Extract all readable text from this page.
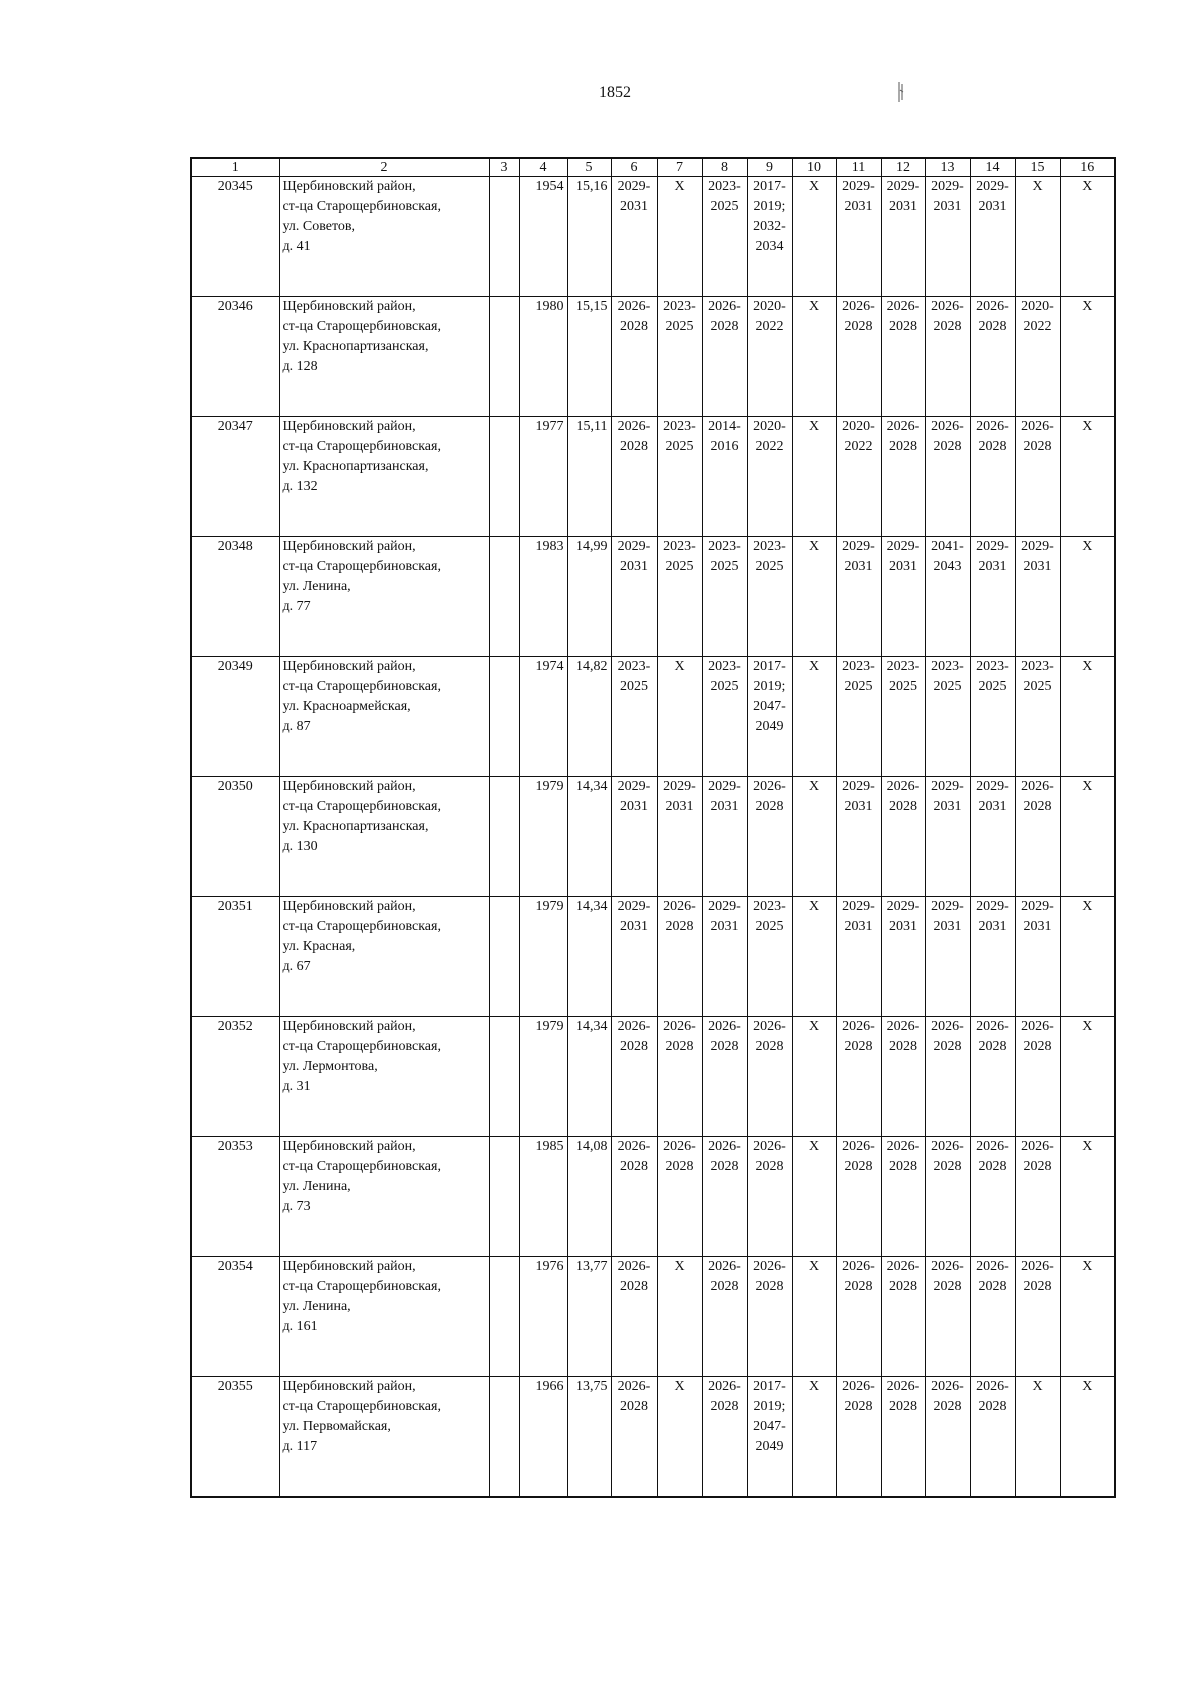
1852
1	2	3	4	5	6	7	8	9	10	11	12	13	14	15	16
20345	Щербиновский район,
ст-ца Старощербиновская,
ул. Советов,
д. 41		1954	15,16	2029-
2031	Х	2023-
2025	2017-
2019;
2032-
2034	Х	2029-
2031	2029-
2031	2029-
2031	2029-
2031	Х	Х

20346	Щербиновский район,
ст-ца Старощербиновская,
ул. Краснопартизанская,
д. 128		1980	15,15	2026-
2028	2023-
2025	2026-
2028	2020-
2022	Х	2026-
2028	2026-
2028	2026-
2028	2026-
2028	2020-
2022	Х

20347	Щербиновский район,
ст-ца Старощербиновская,
ул. Краснопартизанская,
д. 132		1977	15,11	2026-
2028	2023-
2025	2014-
2016	2020-
2022	Х	2020-
2022	2026-
2028	2026-
2028	2026-
2028	2026-
2028	Х

20348	Щербиновский район,
ст-ца Старощербиновская,
ул. Ленина,
д. 77		1983	14,99	2029-
2031	2023-
2025	2023-
2025	2023-
2025	Х	2029-
2031	2029-
2031	2041-
2043	2029-
2031	2029-
2031	Х

20349	Щербиновский район,
ст-ца Старощербиновская,
ул. Красноармейская,
д. 87		1974	14,82	2023-
2025	Х	2023-
2025	2017-
2019;
2047-
2049	Х	2023-
2025	2023-
2025	2023-
2025	2023-
2025	2023-
2025	Х

20350	Щербиновский район,
ст-ца Старощербиновская,
ул. Краснопартизанская,
д. 130		1979	14,34	2029-
2031	2029-
2031	2029-
2031	2026-
2028	Х	2029-
2031	2026-
2028	2029-
2031	2029-
2031	2026-
2028	Х

20351	Щербиновский район,
ст-ца Старощербиновская,
ул. Красная,
д. 67		1979	14,34	2029-
2031	2026-
2028	2029-
2031	2023-
2025	Х	2029-
2031	2029-
2031	2029-
2031	2029-
2031	2029-
2031	Х

20352	Щербиновский район,
ст-ца Старощербиновская,
ул. Лермонтова,
д. 31		1979	14,34	2026-
2028	2026-
2028	2026-
2028	2026-
2028	Х	2026-
2028	2026-
2028	2026-
2028	2026-
2028	2026-
2028	Х

20353	Щербиновский район,
ст-ца Старощербиновская,
ул. Ленина,
д. 73		1985	14,08	2026-
2028	2026-
2028	2026-
2028	2026-
2028	Х	2026-
2028	2026-
2028	2026-
2028	2026-
2028	2026-
2028	Х

20354	Щербиновский район,
ст-ца Старощербиновская,
ул. Ленина,
д. 161		1976	13,77	2026-
2028	Х	2026-
2028	2026-
2028	Х	2026-
2028	2026-
2028	2026-
2028	2026-
2028	2026-
2028	Х

20355	Щербиновский район,
ст-ца Старощербиновская,
ул. Первомайская,
д. 117		1966	13,75	2026-
2028	Х	2026-
2028	2017-
2019;
2047-
2049	Х	2026-
2028	2026-
2028	2026-
2028	2026-
2028	Х	Х
